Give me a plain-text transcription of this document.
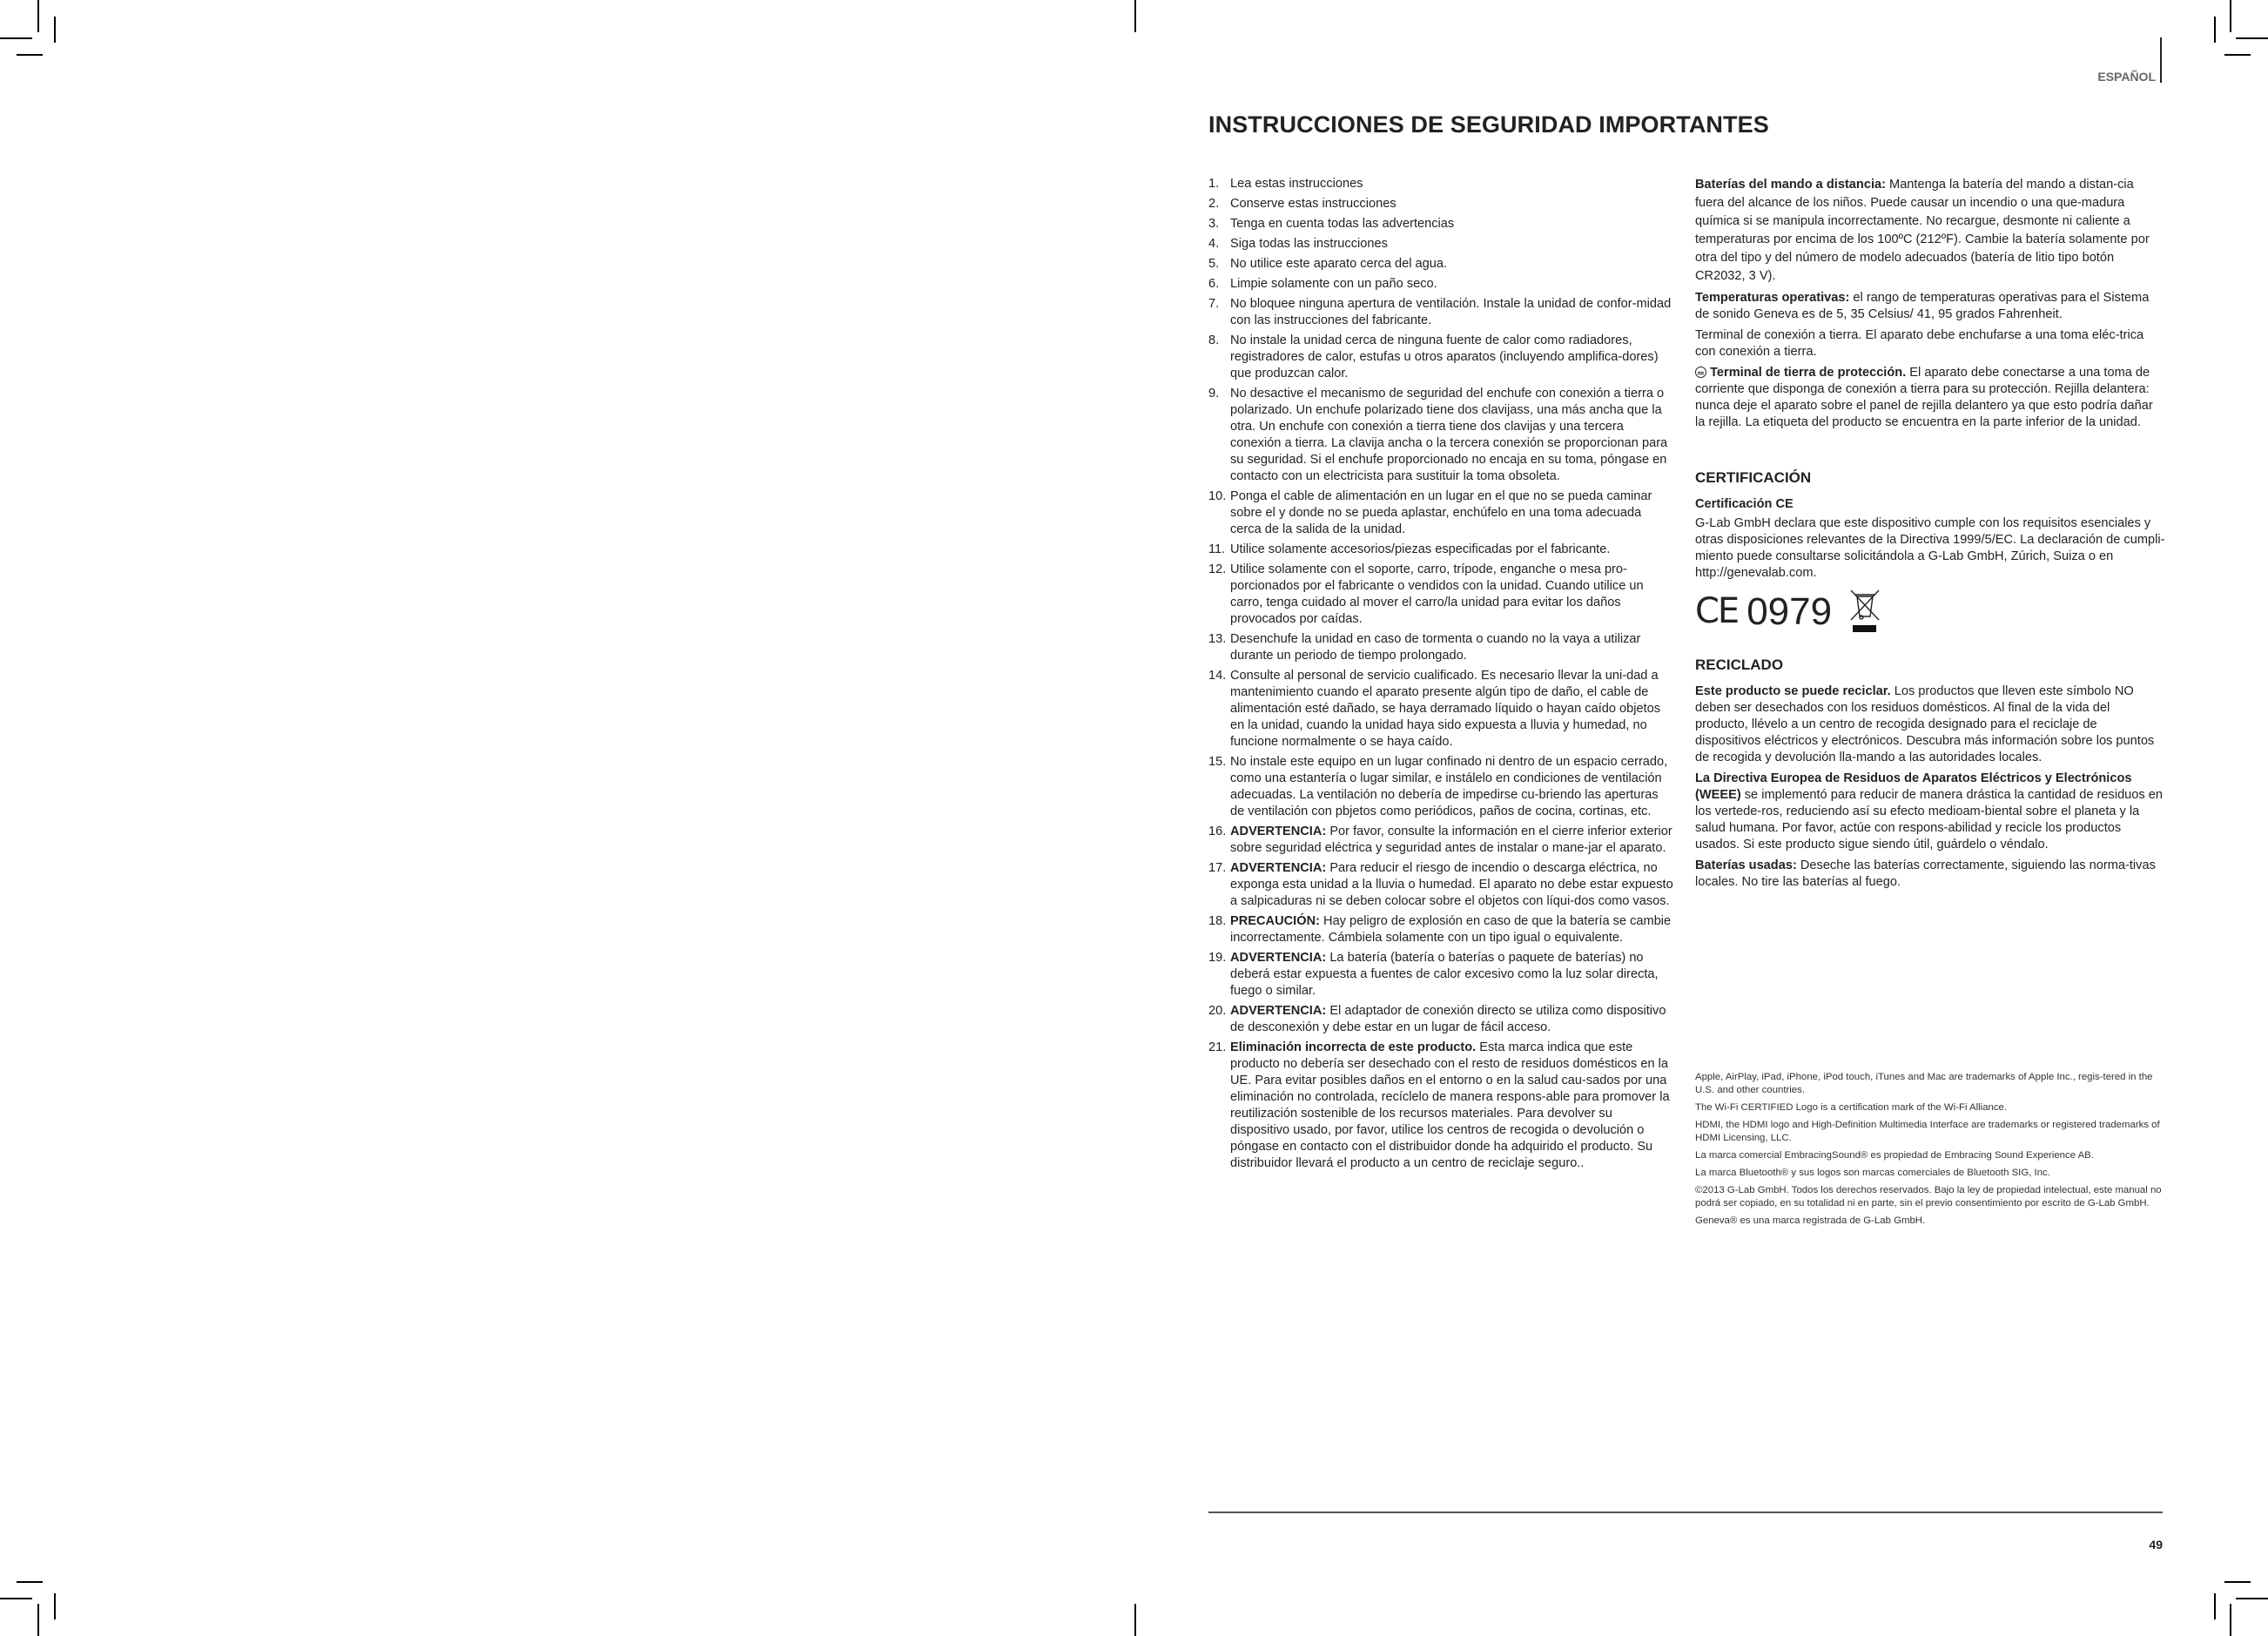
ESPAÑOL
INSTRUCCIONES DE SEGURIDAD IMPORTANTES
1. Lea estas instrucciones
2. Conserve estas instrucciones
3. Tenga en cuenta todas las advertencias
4. Siga todas las instrucciones
5. No utilice este aparato cerca del agua.
6. Limpie solamente con un paño seco.
7. No bloquee ninguna apertura de ventilación. Instale la unidad de confor-midad con las instrucciones del fabricante.
8. No instale la unidad cerca de ninguna fuente de calor como radiadores, registradores de calor, estufas u otros aparatos (incluyendo amplifica-dores) que produzcan calor.
9. No desactive el mecanismo de seguridad del enchufe con conexión a tierra o polarizado. Un enchufe polarizado tiene dos clavijass, una más ancha que la otra. Un enchufe con conexión a tierra tiene dos clavijas y una tercera conexión a tierra. La clavija ancha o la tercera conexión se proporcionan para su seguridad. Si el enchufe proporcionado no encaja en su toma, póngase en contacto con un electricista para sustituir la toma obsoleta.
10. Ponga el cable de alimentación en un lugar en el que no se pueda caminar sobre el y donde no se pueda aplastar, enchúfelo en una toma adecuada cerca de la salida de la unidad.
11. Utilice solamente accesorios/piezas especificadas por el fabricante.
12. Utilice solamente con el soporte, carro, trípode, enganche o mesa pro-porcionados por el fabricante o vendidos con la unidad. Cuando utilice un carro, tenga cuidado al mover el carro/la unidad para evitar los daños provocados por caídas.
13. Desenchufe la unidad en caso de tormenta o cuando no la vaya a utilizar durante un periodo de tiempo prolongado.
14. Consulte al personal de servicio cualificado. Es necesario llevar la uni-dad a mantenimiento cuando el aparato presente algún tipo de daño, el cable de alimentación esté dañado, se haya derramado líquido o hayan caído objetos en la unidad, cuando la unidad haya sido expuesta a lluvia y humedad, no funcione normalmente o se haya caído.
15. No instale este equipo en un lugar confinado ni dentro de un espacio cerrado, como una estantería o lugar similar, e instálelo en condiciones de ventilación adecuadas. La ventilación no debería de impedirse cu-briendo las aperturas de ventilación con pbjetos como periódicos, paños de cocina, cortinas, etc.
16. ADVERTENCIA: Por favor, consulte la información en el cierre inferior exterior sobre seguridad eléctrica y seguridad antes de instalar o mane-jar el aparato.
17. ADVERTENCIA: Para reducir el riesgo de incendio o descarga eléctrica, no exponga esta unidad a la lluvia o humedad. El aparato no debe estar expuesto a salpicaduras ni se deben colocar sobre el objetos con líqui-dos como vasos.
18. PRECAUCIÓN: Hay peligro de explosión en caso de que la batería se cambie incorrectamente. Cámbiela solamente con un tipo igual o equivalente.
19. ADVERTENCIA: La batería (batería o baterías o paquete de baterías) no deberá estar expuesta a fuentes de calor excesivo como la luz solar directa, fuego o similar.
20. ADVERTENCIA: El adaptador de conexión directo se utiliza como dispositivo de desconexión y debe estar en un lugar de fácil acceso.
21. Eliminación incorrecta de este producto. Esta marca indica que este producto no debería ser desechado con el resto de residuos domésticos en la UE. Para evitar posibles daños en el entorno o en la salud cau-sados por una eliminación no controlada, recíclelo de manera respons-able para promover la reutilización sostenible de los recursos materiales. Para devolver su dispositivo usado, por favor, utilice los centros de recogida o devolución o póngase en contacto con el distribuidor donde ha adquirido el producto. Su distribuidor llevará el producto a un centro de reciclaje seguro..

Baterías del mando a distancia: Mantenga la batería del mando a distan-cia fuera del alcance de los niños. Puede causar un incendio o una que-madura química si se manipula incorrectamente. No recargue, desmonte ni caliente a temperaturas por encima de los 100ºC (212ºF). Cambie la batería solamente por otra del tipo y del número de modelo adecuados (batería de litio tipo botón CR2032, 3 V).

Temperaturas operativas: el rango de temperaturas operativas para el Sistema de sonido Geneva es de 5, 35 Celsius/ 41, 95 grados Fahrenheit.

Terminal de conexión a tierra. El aparato debe enchufarse a una toma eléc-trica con conexión a tierra.

Terminal de tierra de protección. El aparato debe conectarse a una toma de corriente que disponga de conexión a tierra para su protección. Rejilla delantera: nunca deje el aparato sobre el panel de rejilla delantero ya que esto podría dañar la rejilla. La etiqueta del producto se encuentra en la parte inferior de la unidad.

CERTIFICACIÓN
Certificación CE

G-Lab GmbH declara que este dispositivo cumple con los requisitos esenciales y otras disposiciones relevantes de la Directiva 1999/5/EC. La declaración de cumpli-miento puede consultarse solicitándola a G-Lab GmbH, Zúrich, Suiza o en http://genevalab.com.

CE 0979
RECICLADO

Este producto se puede reciclar. Los productos que lleven este símbolo NO deben ser desechados con los residuos domésticos. Al final de la vida del producto, llévelo a un centro de recogida designado para el reciclaje de dispositivos eléctricos y electrónicos. Descubra más información sobre los puntos de recogida y devolución lla-mando a las autoridades locales.

La Directiva Europea de Residuos de Aparatos Eléctricos y Electrónicos (WEEE) se implementó para reducir de manera drástica la cantidad de residuos en los vertede-ros, reduciendo así su efecto medioam-biental sobre el planeta y la salud humana. Por favor, actúe con respons-abilidad y recicle los productos usados. Si este producto sigue siendo útil, guárdelo o véndalo.

Baterías usadas: Deseche las baterías correctamente, siguiendo las norma-tivas locales. No tire las baterías al fuego.

Apple, AirPlay, iPad, iPhone, iPod touch, iTunes and Mac are trademarks of Apple Inc., regis-tered in the U.S. and other countries.

The Wi-Fi CERTIFIED Logo is a certification mark of the Wi-Fi Alliance.

HDMI, the HDMI logo and High-Definition Multimedia Interface are trademarks or registered trademarks of HDMI Licensing, LLC.

La marca comercial EmbracingSound® es propiedad de Embracing Sound Experience AB.

La marca Bluetooth® y sus logos son marcas comerciales de Bluetooth SIG, Inc.

©2013 G-Lab GmbH. Todos los derechos reservados. Bajo la ley de propiedad intelectual, este manual no podrá ser copiado, en su totalidad ni en parte, sin el previo consentimiento por escrito de G-Lab GmbH.

Geneva® es una marca registrada de G-Lab GmbH.

49
